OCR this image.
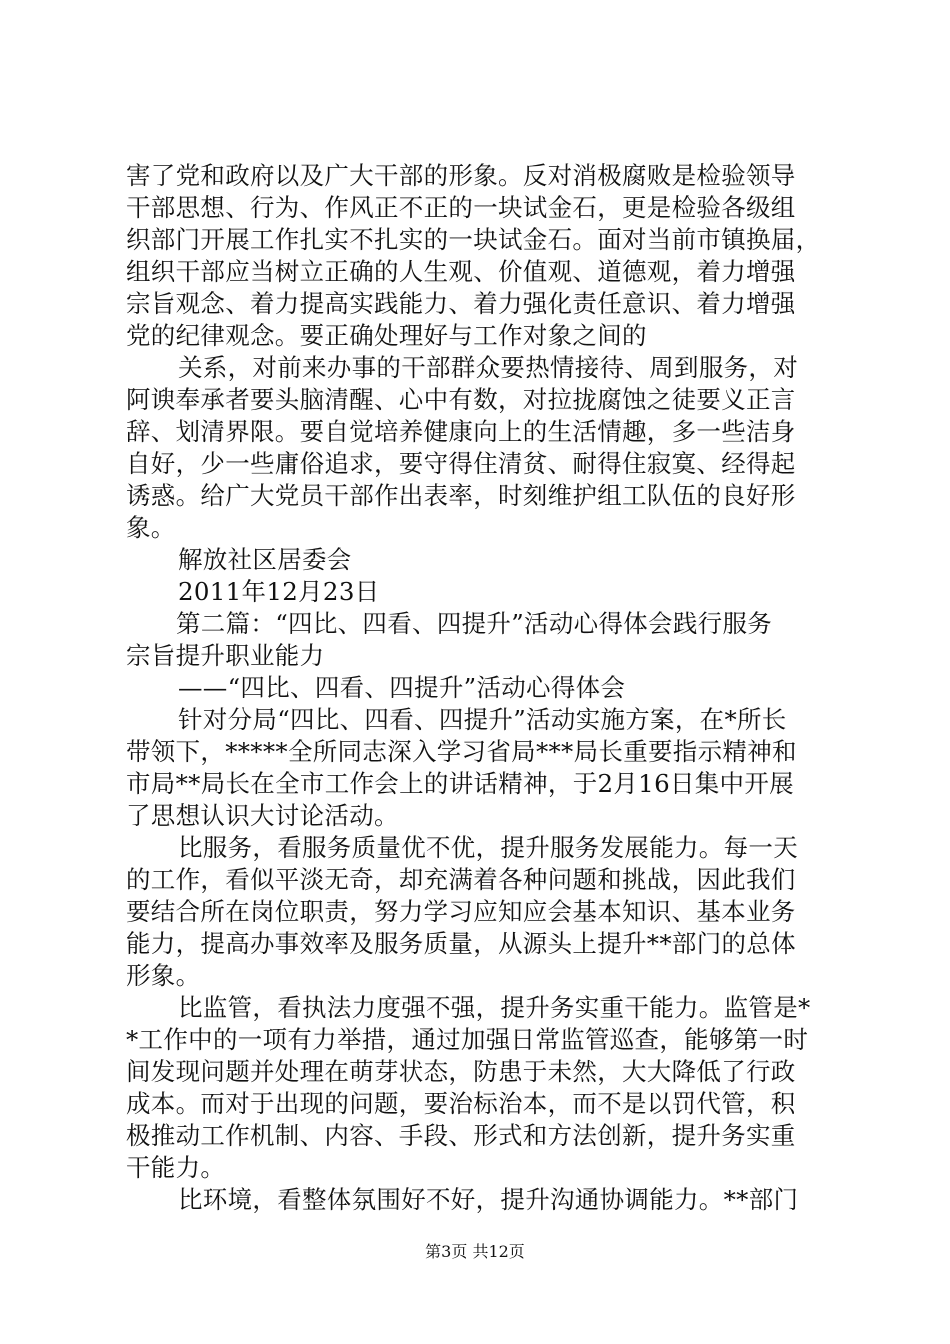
害了党和政府以及广大干部的形象。反对消极腐败是检验领导
干部思想、行为、作风正不正的一块试金石，更是检验各级组
织部门开展工作扎实不扎实的一块试金石。面对当前市镇换届，
组织干部应当树立正确的人生观、价值观、道德观，着力增强
宗旨观念、着力提高实践能力、着力强化责任意识、着力增强
党的纪律观念。要正确处理好与工作对象之间的
关系，对前来办事的干部群众要热情接待、周到服务，对
阿谀奉承者要头脑清醒、心中有数，对拉拢腐蚀之徒要义正言
辞、划清界限。要自觉培养健康向上的生活情趣，多一些洁身
自好，少一些庸俗追求，要守得住清贫、耐得住寂寞、经得起
诱惑。给广大党员干部作出表率，时刻维护组工队伍的良好形
象。
解放社区居委会
2011年12月23日
第二篇：“四比、四看、四提升”活动心得体会践行服务
宗旨提升职业能力
——“四比、四看、四提升”活动心得体会
针对分局“四比、四看、四提升”活动实施方案，在*所长
带领下，*****全所同志深入学习省局***局长重要指示精神和
市局**局长在全市工作会上的讲话精神，于2月16日集中开展
了思想认识大讨论活动。
比服务，看服务质量优不优，提升服务发展能力。每一天
的工作，看似平淡无奇，却充满着各种问题和挑战，因此我们
要结合所在岗位职责，努力学习应知应会基本知识、基本业务
能力，提高办事效率及服务质量，从源头上提升**部门的总体
形象。
比监管，看执法力度强不强，提升务实重干能力。监管是*
*工作中的一项有力举措，通过加强日常监管巡查，能够第一时
间发现问题并处理在萌芽状态，防患于未然，大大降低了行政
成本。而对于出现的问题，要治标治本，而不是以罚代管，积
极推动工作机制、内容、手段、形式和方法创新，提升务实重
干能力。
比环境，看整体氛围好不好，提升沟通协调能力。**部门
第3页 共12页
